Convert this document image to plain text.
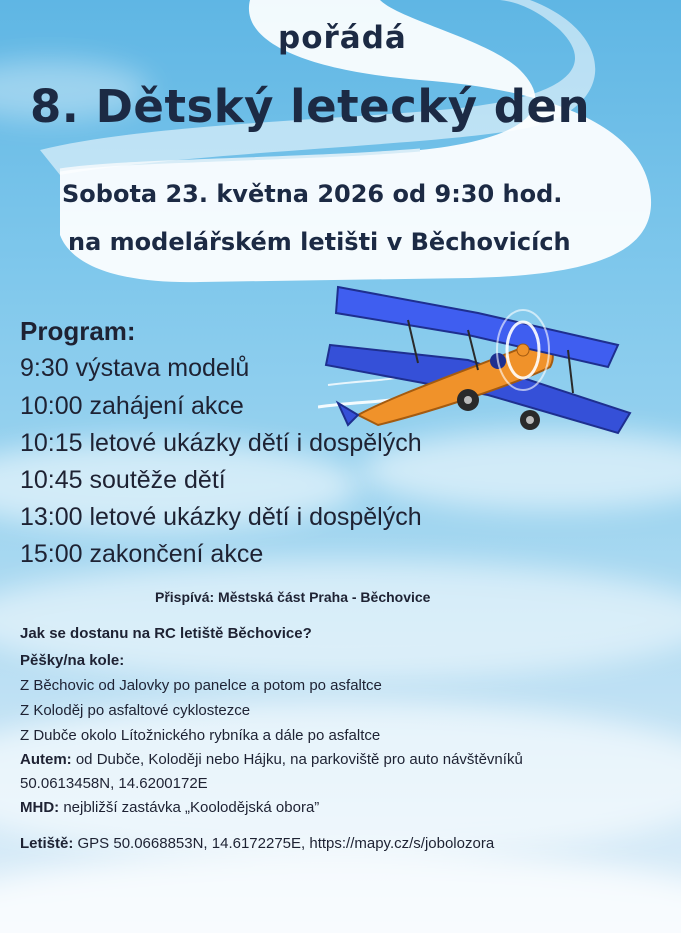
pořádá
8. Dětský letecký den
Sobota 23. května 2026 od 9:30 hod.
na modelářském letišti v Běchovicích
Program:
9:30 výstava modelů
10:00 zahájení akce
10:15 letové ukázky dětí i dospělých
10:45 soutěže dětí
13:00 letové ukázky dětí i dospělých
15:00 zakončení akce
Přispívá: Městská část Praha - Běchovice
Jak se dostanu na RC letiště Běchovice?
Pěšky/na kole:
Z Běchovic od Jalovky po panelce a potom po asfaltce
Z Koloděj po asfaltové cyklostezce
Z Dubče okolo Lítožnického rybníka a dále po asfaltce
Autem: od Dubče, Koloději nebo Hájku, na parkoviště pro auto návštěvníků
50.0613458N, 14.6200172E
MHD: nejbližší zastávka „Koolodějská obora”
Letiště: GPS 50.0668853N, 14.6172275E, https://mapy.cz/s/jobolozora
